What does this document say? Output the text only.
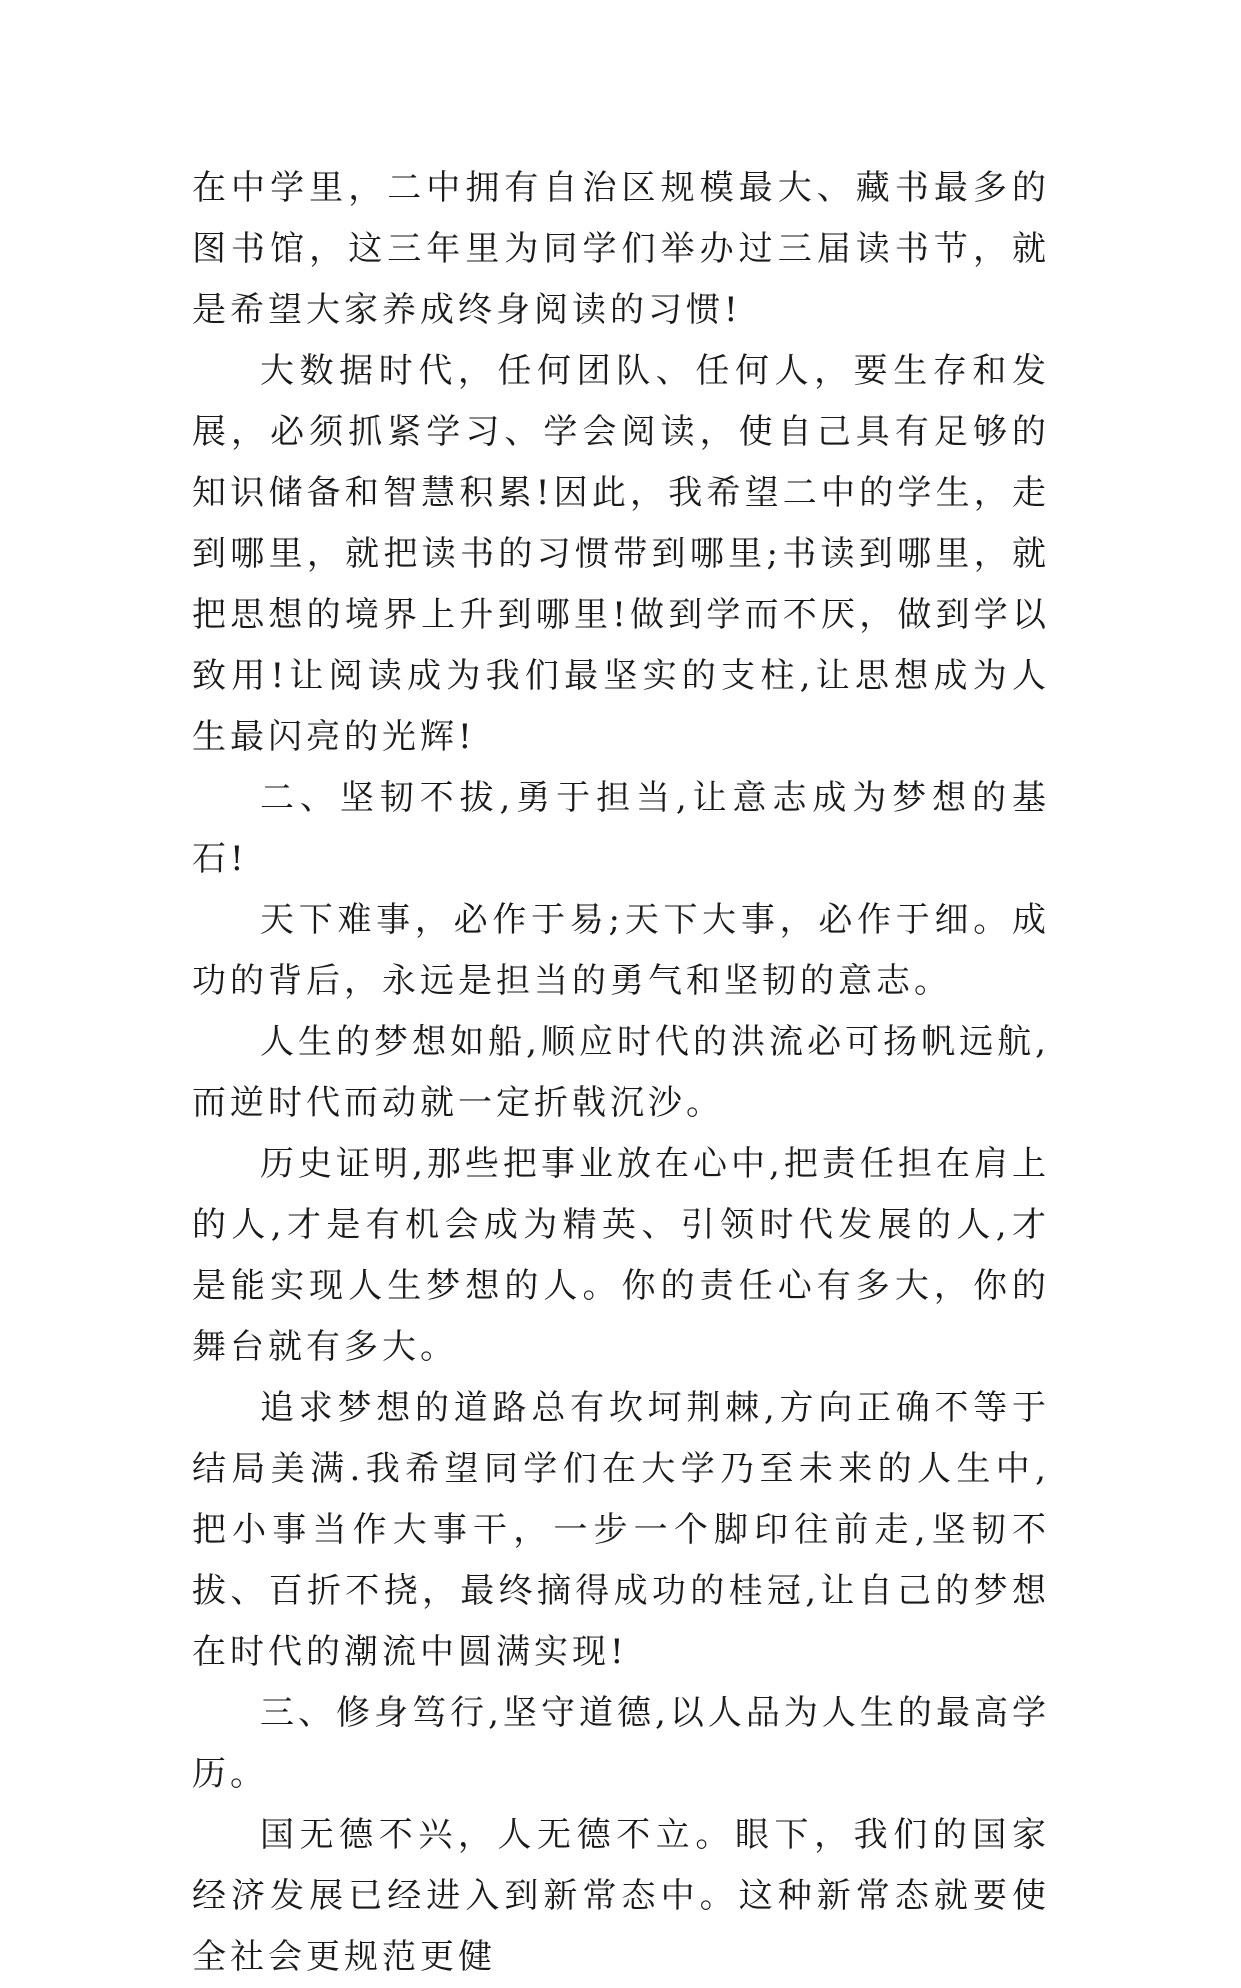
在中学里，二中拥有自治区规模最大、藏书最多的图书馆，这三年里为同学们举办过三届读书节，就是希望大家养成终身阅读的习惯!

大数据时代，任何团队、任何人，要生存和发展，必须抓紧学习、学会阅读，使自己具有足够的知识储备和智慧积累!因此，我希望二中的学生，走到哪里，就把读书的习惯带到哪里;书读到哪里，就把思想的境界上升到哪里!做到学而不厌，做到学以致用!让阅读成为我们最坚实的支柱,让思想成为人生最闪亮的光辉!

二、坚韧不拔,勇于担当,让意志成为梦想的基石!

天下难事，必作于易;天下大事，必作于细。成功的背后，永远是担当的勇气和坚韧的意志。

人生的梦想如船,顺应时代的洪流必可扬帆远航,而逆时代而动就一定折戟沉沙。

历史证明,那些把事业放在心中,把责任担在肩上的人,才是有机会成为精英、引领时代发展的人,才是能实现人生梦想的人。你的责任心有多大，你的舞台就有多大。

追求梦想的道路总有坎坷荆棘,方向正确不等于结局美满.我希望同学们在大学乃至未来的人生中,把小事当作大事干，一步一个脚印往前走,坚韧不拔、百折不挠，最终摘得成功的桂冠,让自己的梦想在时代的潮流中圆满实现!

三、修身笃行,坚守道德,以人品为人生的最高学历。

国无德不兴，人无德不立。眼下，我们的国家经济发展已经进入到新常态中。这种新常态就要使全社会更规范更健
